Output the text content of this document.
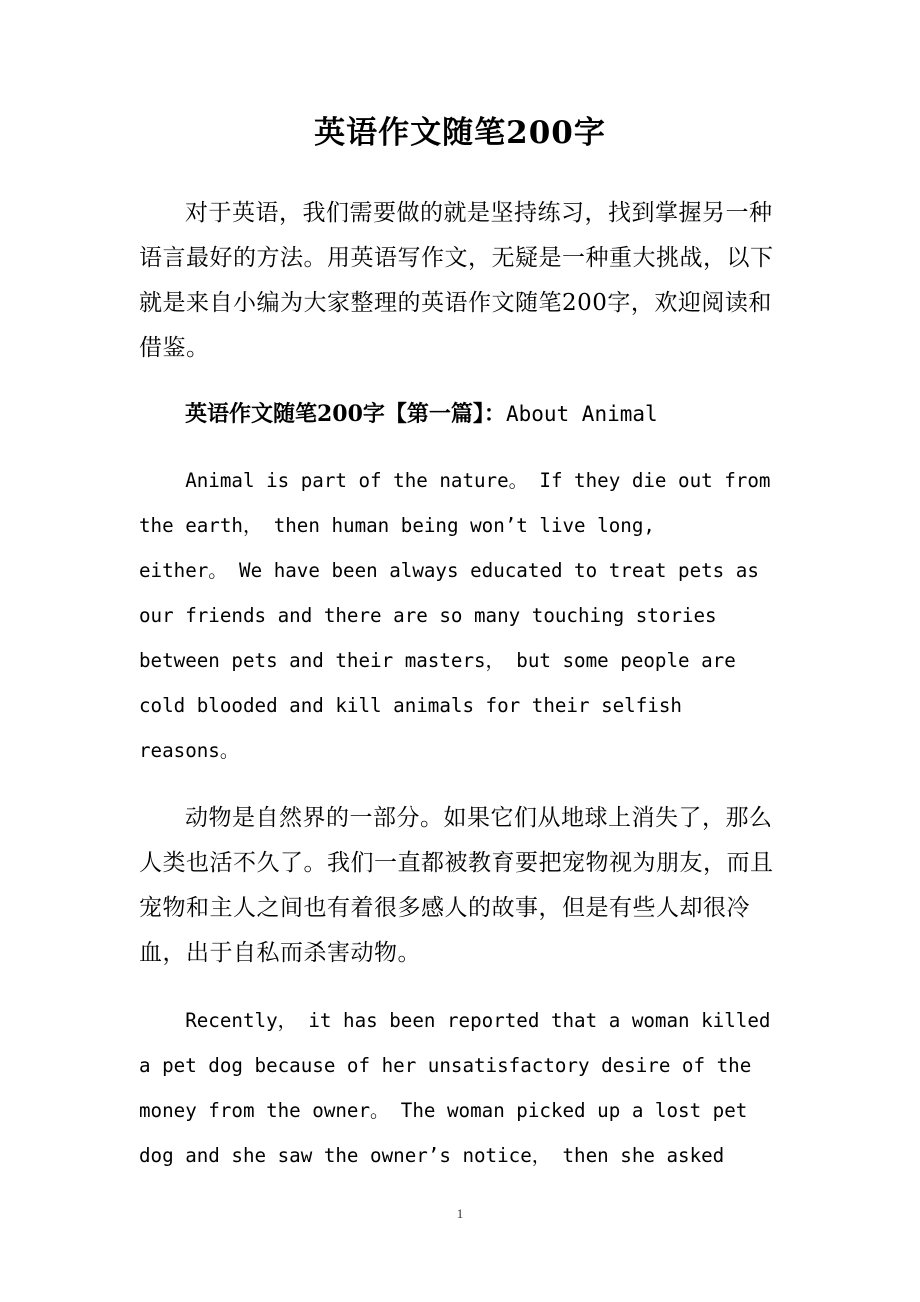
英语作文随笔200字

对于英语，我们需要做的就是坚持练习，找到掌握另一种语言最好的方法。用英语写作文，无疑是一种重大挑战，以下就是来自小编为大家整理的英语作文随笔200字，欢迎阅读和借鉴。

英语作文随笔200字【第一篇】：About Animal
Animal is part of the nature。 If they die out from
the earth， then human being won’t live long,
either。 We have been always educated to treat pets as
our friends and there are so many touching stories
between pets and their masters， but some people are
cold blooded and kill animals for their selfish
reasons。

动物是自然界的一部分。如果它们从地球上消失了，那么人类也活不久了。我们一直都被教育要把宠物视为朋友，而且宠物和主人之间也有着很多感人的故事，但是有些人却很冷血，出于自私而杀害动物。

Recently， it has been reported that a woman killed
a pet dog because of her unsatisfactory desire of the
money from the owner。 The woman picked up a lost pet
dog and she saw the owner’s notice， then she asked
1
